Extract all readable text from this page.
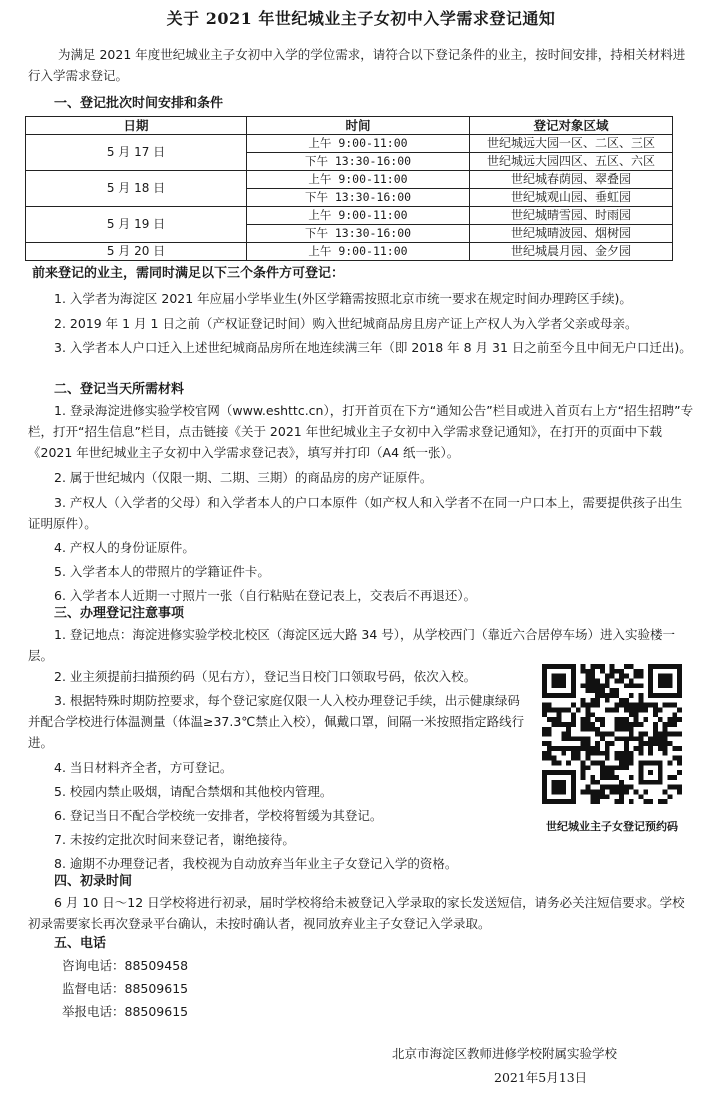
关于 2021 年世纪城业主子女初中入学需求登记通知
为满足 2021 年度世纪城业主子女初中入学的学位需求，请符合以下登记条件的业主，按时间安排，持相关材料进行入学需求登记。
一、登记批次时间安排和条件
日期	时间	登记对象区域
5 月 17 日	上午 9:00-11:00	世纪城远大园一区、二区、三区
	下午 13:30-16:00	世纪城远大园四区、五区、六区
5 月 18 日	上午 9:00-11:00	世纪城春荫园、翠叠园
	下午 13:30-16:00	世纪城观山园、垂虹园
5 月 19 日	上午 9:00-11:00	世纪城晴雪园、时雨园
	下午 13:30-16:00	世纪城晴波园、烟树园
5 月 20 日	上午 9:00-11:00	世纪城晨月园、金夕园
前来登记的业主，需同时满足以下三个条件方可登记：
1. 入学者为海淀区 2021 年应届小学毕业生(外区学籍需按照北京市统一要求在规定时间办理跨区手续)。
2. 2019 年 1 月 1 日之前（产权证登记时间）购入世纪城商品房且房产证上产权人为入学者父亲或母亲。
3. 入学者本人户口迁入上述世纪城商品房所在地连续满三年（即 2018 年 8 月 31 日之前至今且中间无户口迁出)。
二、登记当天所需材料
1. 登录海淀进修实验学校官网（www.eshttc.cn），打开首页在下方“通知公告”栏目或进入首页右上方“招生招聘”专栏，打开“招生信息”栏目，点击链接《关于 2021 年世纪城业主子女初中入学需求登记通知》，在打开的页面中下载《2021 年世纪城业主子女初中入学需求登记表》，填写并打印（A4 纸一张）。
2. 属于世纪城内（仅限一期、二期、三期）的商品房的房产证原件。
3. 产权人（入学者的父母）和入学者本人的户口本原件（如产权人和入学者不在同一户口本上，需要提供孩子出生证明原件）。
4. 产权人的身份证原件。
5. 入学者本人的带照片的学籍证件卡。
6. 入学者本人近期一寸照片一张（自行粘贴在登记表上，交表后不再退还）。
三、办理登记注意事项
1. 登记地点：海淀进修实验学校北校区（海淀区远大路 34 号），从学校西门（靠近六合居停车场）进入实验楼一层。
2. 业主须提前扫描预约码（见右方），登记当日校门口领取号码，依次入校。
3. 根据特殊时期防控要求，每个登记家庭仅限一人入校办理登记手续，出示健康绿码并配合学校进行体温测量（体温≥37.3℃禁止入校），佩戴口罩，间隔一米按照指定路线行进。
4. 当日材料齐全者，方可登记。
5. 校园内禁止吸烟，请配合禁烟和其他校内管理。
6. 登记当日不配合学校统一安排者，学校将暂缓为其登记。
7. 未按约定批次时间来登记者，谢绝接待。
8. 逾期不办理登记者，我校视为自动放弃当年业主子女登记入学的资格。
世纪城业主子女登记预约码
四、初录时间
6 月 10 日～12 日学校将进行初录，届时学校将给未被登记入学录取的家长发送短信，请务必关注短信要求。学校初录需要家长再次登录平台确认，未按时确认者，视同放弃业主子女登记入学录取。
五、电话
咨询电话：88509458
监督电话：88509615
举报电话：88509615
北京市海淀区教师进修学校附属实验学校
2021年5月13日
